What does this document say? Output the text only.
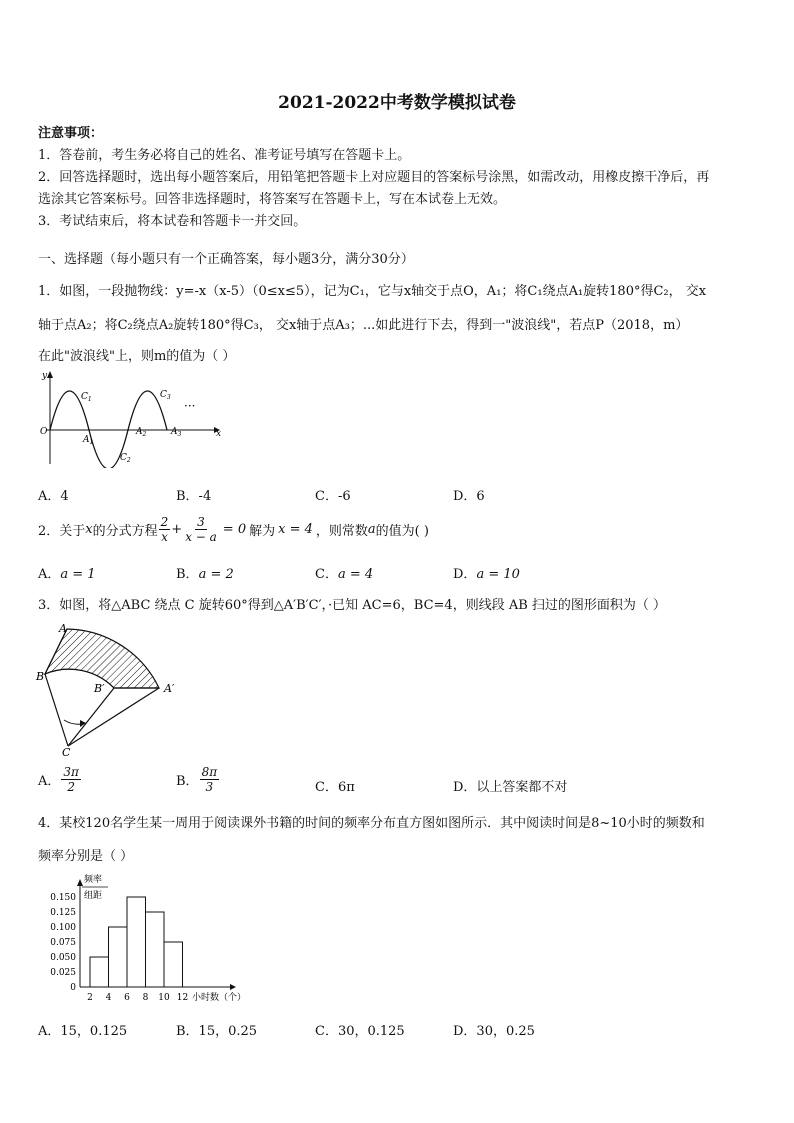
2021-2022中考数学模拟试卷
注意事项：
1．答卷前，考生务必将自己的姓名、准考证号填写在答题卡上。
2．回答选择题时，选出每小题答案后，用铅笔把答题卡上对应题目的答案标号涂黑，如需改动，用橡皮擦干净后，再
选涂其它答案标号。回答非选择题时，将答案写在答题卡上，写在本试卷上无效。
3．考试结束后，将本试卷和答题卡一并交回。
一、选择题（每小题只有一个正确答案，每小题3分，满分30分）
1．如图，一段抛物线：y=-x（x-5）（0≤x≤5），记为C₁，它与x轴交于点O，A₁；将C₁绕点A₁旋转180°得C₂， 交x
轴于点A₂；将C₂绕点A₂旋转180°得C₃， 交x轴于点A₃；...如此进行下去，得到一"波浪线"，若点P（2018，m）
在此"波浪线"上，则m的值为（ ）
y
x
O
$C_1$
$C_2$
$C_3$
$A_1$
$A_2$	$A_3$
···
A．4	B．-4	C．-6	D．6
2．关于 x 的分式方程 $\frac{2}{x} + \frac{3}{x - a} = 0$ 解为 x = 4 ，则常数 a 的值为( )
A．a = 1	B．a = 2	C．a = 4	D．a = 10
3．如图，将△ABC 绕点 C 旋转60°得到△A′B′C′，·已知 AC=6，BC=4，则线段 AB 扫过的图形面积为（ ）
A
B
B′	A′
C
A． $\frac{3\pi}{2}$	B． $\frac{8\pi}{3}$	C．6π	D．以上答案都不对
4．某校120名学生某一周用于阅读课外书籍的时间的频率分布直方图如图所示．其中阅读时间是8~10小时的频数和
频率分别是（ ）
频率
组距
小时数（个）
0.150
0.125
0.100
0.075
0.050
0.025
0
2 4 6 8 10 12
A．15，0.125	B．15，0.25	C．30，0.125	D．30，0.25
